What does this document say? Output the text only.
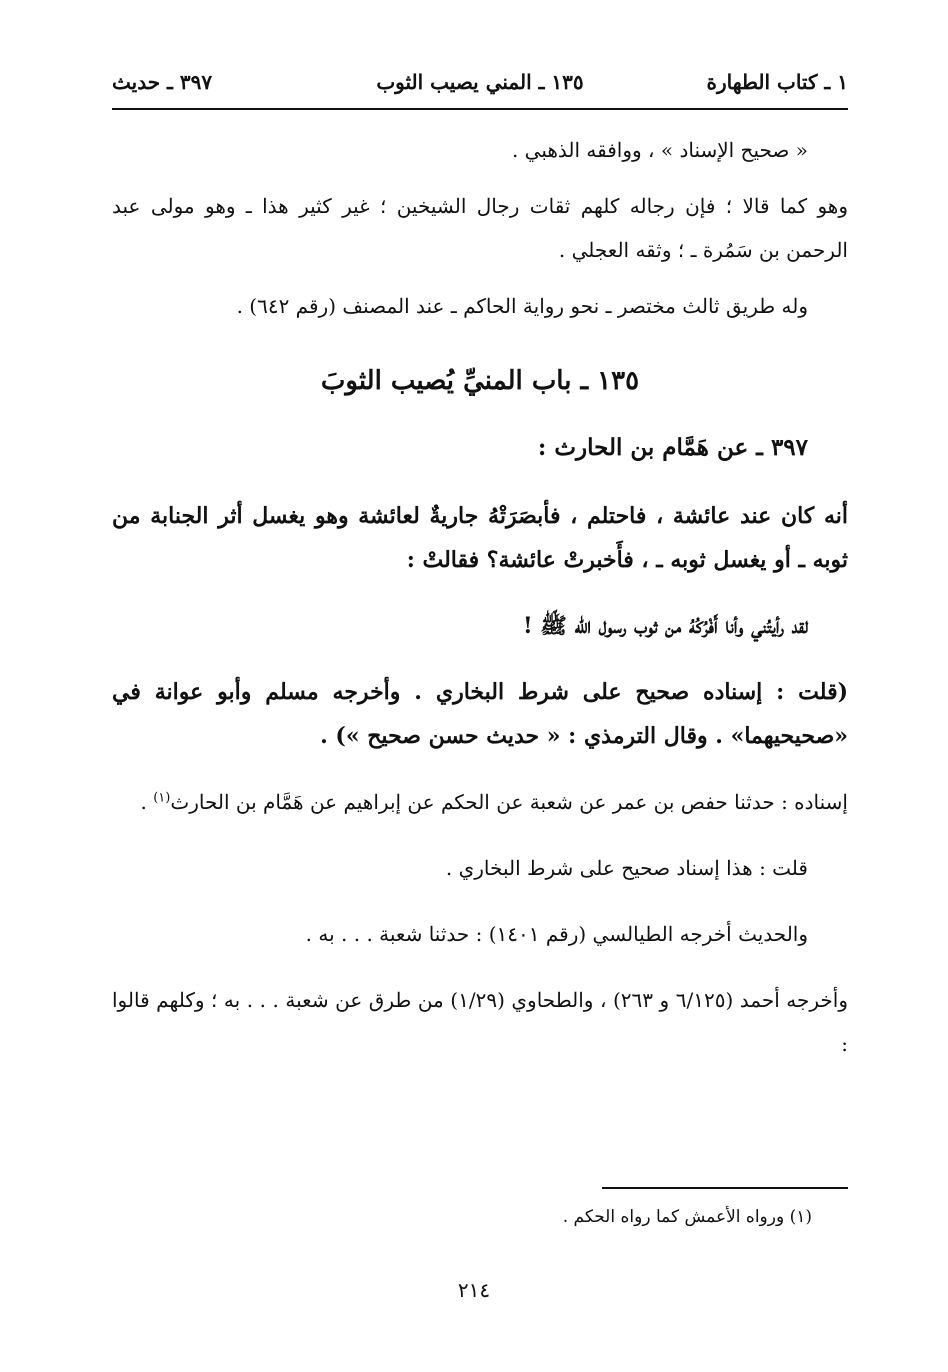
١ ـ كتاب الطهارة
١٣٥ ـ المني يصيب الثوب
٣٩٧ ـ حديث

« صحيح الإسناد » ، ووافقه الذهبي .

وهو كما قالا ؛ فإن رجاله كلهم ثقات رجال الشيخين ؛ غير كثير هذا ـ وهو مولى عبد الرحمن بن سَمُرة ـ ؛ وثقه العجلي .

وله طريق ثالث مختصر ـ نحو رواية الحاكم ـ عند المصنف (رقم ٦٤٢) .

١٣٥ ـ باب المنيِّ يُصيب الثوبَ

٣٩٧ ـ عن هَمَّام بن الحارث :

أنه كان عند عائشة ، فاحتلم ، فأبصَرَتْهُ جاريةٌ لعائشة وهو يغسل أثر الجنابة من ثوبه ـ أو يغسل ثوبه ـ ، فأَخبرتْ عائشة؟ فقالتْ :

لقد رأيتُني وأنا أَفْرُكُهُ من ثوب رسول الله ﷺ !

(قلت : إسناده صحيح على شرط البخاري . وأخرجه مسلم وأبو عوانة في «صحيحيهما» . وقال الترمذي : « حديث حسن صحيح ») .

إسناده : حدثنا حفص بن عمر عن شعبة عن الحكم عن إبراهيم عن هَمَّام بن الحارث$^{(١)}$ .

قلت : هذا إسناد صحيح على شرط البخاري .

والحديث أخرجه الطيالسي (رقم ١٤٠١) : حدثنا شعبة . . . به .

وأخرجه أحمد (٦/١٢٥ و ٢٦٣) ، والطحاوي (١/٢٩) من طرق عن شعبة . . . به ؛ وكلهم قالوا :

(١) ورواه الأعمش كما رواه الحكم .
٢١٤
